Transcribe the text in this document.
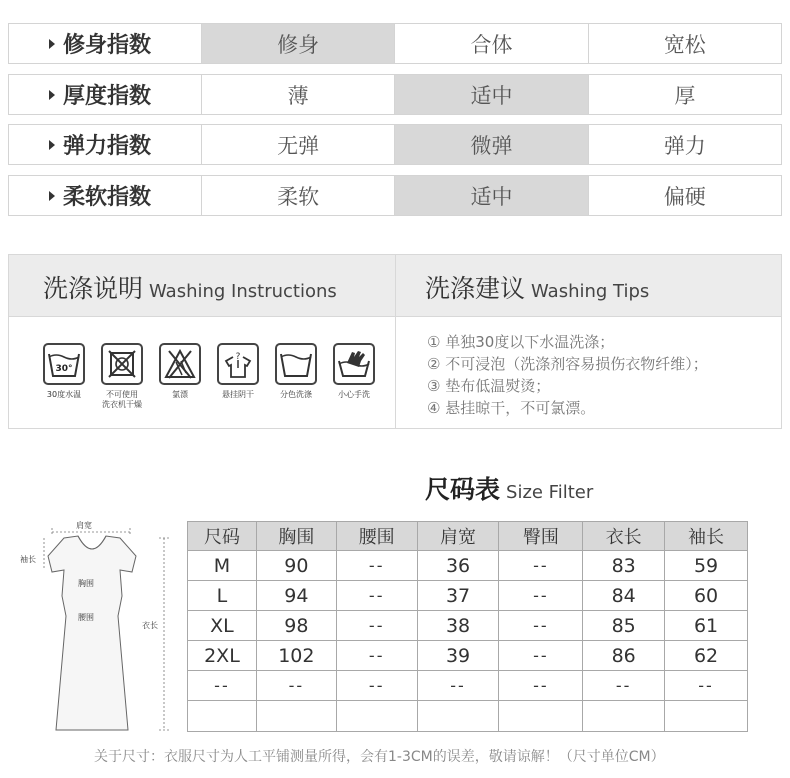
修身指数	修身	合体	宽松
厚度指数	薄	适中	厚
弹力指数	无弹	微弹	弹力
柔软指数	柔软	适中	偏硬
洗涤说明 Washing Instructions	洗涤建议 Washing Tips
30°
30度水温	不可使用
洗衣机干燥
氯漂
?
悬挂阴干	分色洗涤	小心手洗
① 单独30度以下水温洗涤；
② 不可浸泡（洗涤剂容易损伤衣物纤维）；
③ 垫布低温熨烫；
④ 悬挂晾干，不可氯漂。
尺码表 Size Filter
肩宽
袖长
胸围
腰围
衣长
尺码	胸围	腰围	肩宽	臀围	衣长	袖长
M	90	--	36	--	83	59
L	94	--	37	--	84	60
XL	98	--	38	--	85	61
2XL	102	--	39	--	86	62
--	--	--	--	--	--	--

关于尺寸：衣服尺寸为人工平铺测量所得，会有1-3CM的误差，敬请谅解！（尺寸单位CM）
